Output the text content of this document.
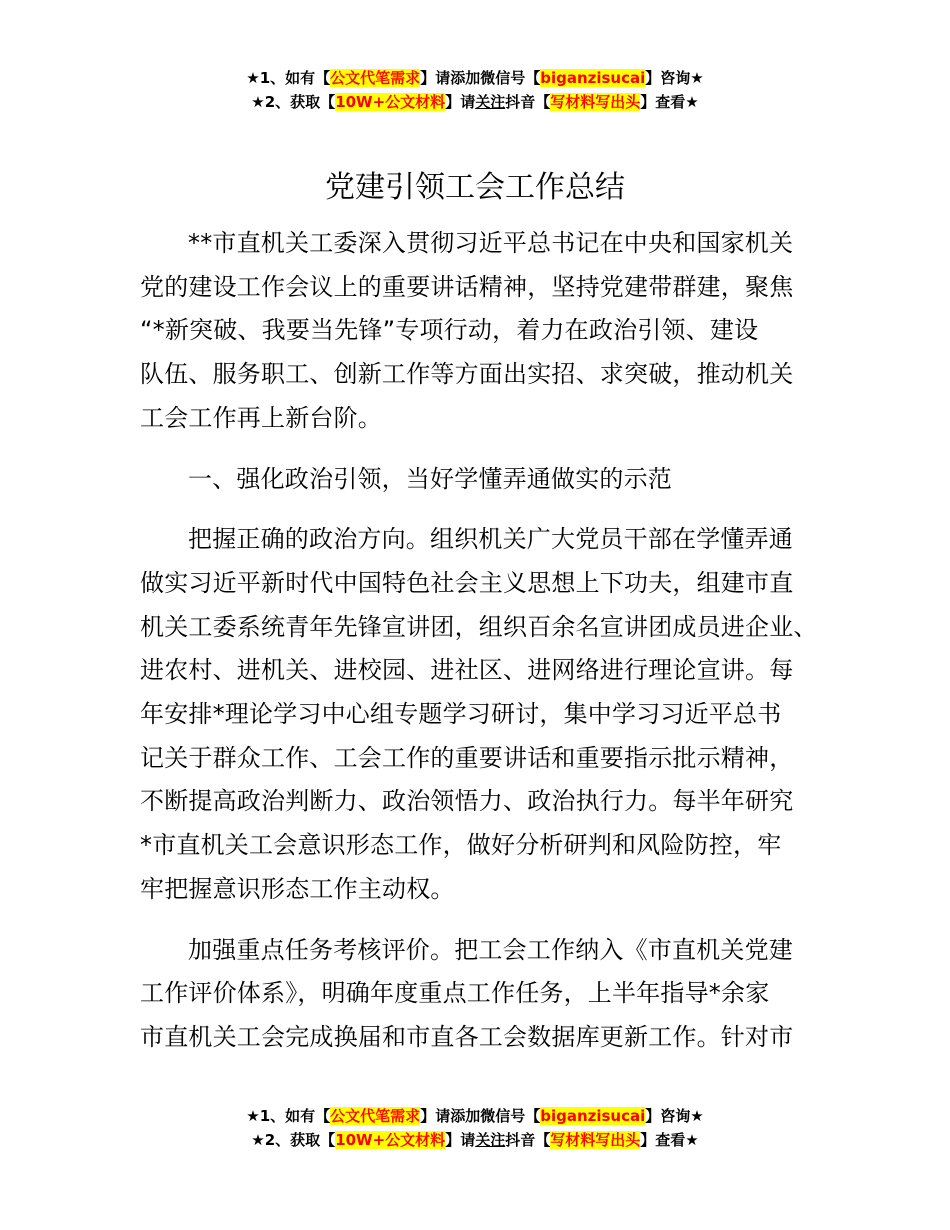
★1、如有【公文代笔需求】请添加微信号【biganzisucai】咨询★
★2、获取【10W+公文材料】请关注抖音【写材料写出头】查看★
党建引领工会工作总结
**市直机关工委深入贯彻习近平总书记在中央和国家机关
党的建设工作会议上的重要讲话精神，坚持党建带群建，聚焦
“*新突破、我要当先锋”专项行动，着力在政治引领、建设
队伍、服务职工、创新工作等方面出实招、求突破，推动机关
工会工作再上新台阶。
一、强化政治引领，当好学懂弄通做实的示范
把握正确的政治方向。组织机关广大党员干部在学懂弄通
做实习近平新时代中国特色社会主义思想上下功夫，组建市直
机关工委系统青年先锋宣讲团，组织百余名宣讲团成员进企业、
进农村、进机关、进校园、进社区、进网络进行理论宣讲。每
年安排*理论学习中心组专题学习研讨，集中学习习近平总书
记关于群众工作、工会工作的重要讲话和重要指示批示精神，
不断提高政治判断力、政治领悟力、政治执行力。每半年研究
*市直机关工会意识形态工作，做好分析研判和风险防控，牢
牢把握意识形态工作主动权。
加强重点任务考核评价。把工会工作纳入《市直机关党建
工作评价体系》，明确年度重点工作任务，上半年指导*余家
市直机关工会完成换届和市直各工会数据库更新工作。针对市
★1、如有【公文代笔需求】请添加微信号【biganzisucai】咨询★
★2、获取【10W+公文材料】请关注抖音【写材料写出头】查看★
